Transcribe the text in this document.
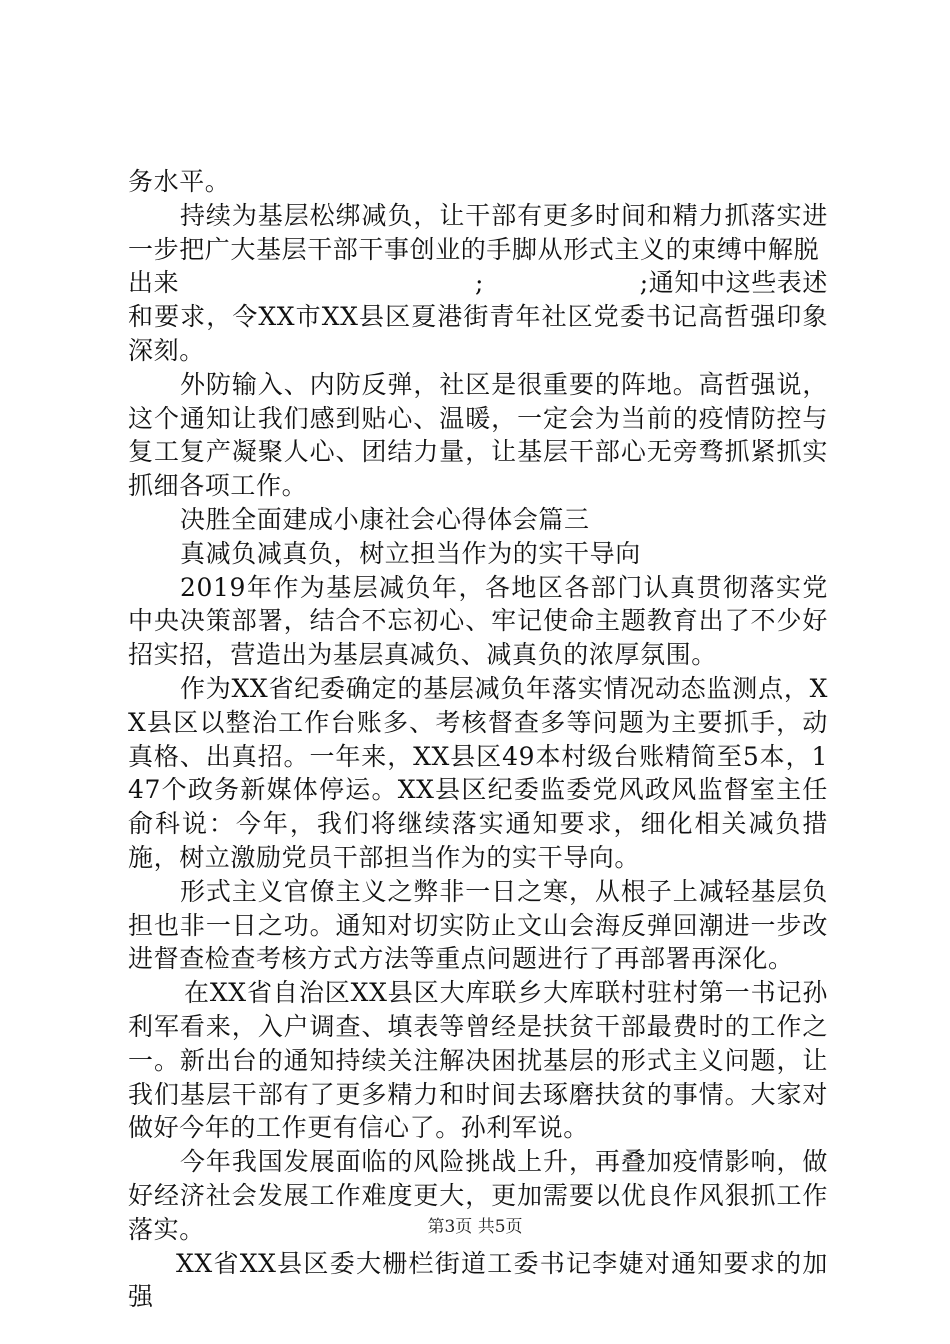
务水平。

持续为基层松绑减负，让干部有更多时间和精力抓落实进一步把广大基层干部干事创业的手脚从形式主义的束缚中解脱

出来	;	;通知中这些表述

和要求，令XX市XX县区夏港街青年社区党委书记高哲强印象深刻。

外防输入、内防反弹，社区是很重要的阵地。高哲强说，这个通知让我们感到贴心、温暖，一定会为当前的疫情防控与复工复产凝聚人心、团结力量，让基层干部心无旁骛抓紧抓实抓细各项工作。

决胜全面建成小康社会心得体会篇三

真减负减真负，树立担当作为的实干导向

2019年作为基层减负年，各地区各部门认真贯彻落实党中央决策部署，结合不忘初心、牢记使命主题教育出了不少好招实招，营造出为基层真减负、减真负的浓厚氛围。

作为XX省纪委确定的基层减负年落实情况动态监测点，XX县区以整治工作台账多、考核督查多等问题为主要抓手，动真格、出真招。一年来，XX县区49本村级台账精简至5本，147个政务新媒体停运。XX县区纪委监委党风政风监督室主任俞科说：今年，我们将继续落实通知要求，细化相关减负措施，树立激励党员干部担当作为的实干导向。

形式主义官僚主义之弊非一日之寒，从根子上减轻基层负担也非一日之功。通知对切实防止文山会海反弹回潮进一步改进督查检查考核方式方法等重点问题进行了再部署再深化。

在XX省自治区XX县区大库联乡大库联村驻村第一书记孙利军看来，入户调查、填表等曾经是扶贫干部最费时的工作之一。新出台的通知持续关注解决困扰基层的形式主义问题，让我们基层干部有了更多精力和时间去琢磨扶贫的事情。大家对做好今年的工作更有信心了。孙利军说。

今年我国发展面临的风险挑战上升，再叠加疫情影响，做好经济社会发展工作难度更大，更加需要以优良作风狠抓工作落实。

XX省XX县区委大栅栏街道工委书记李婕对通知要求的加强

第3页 共5页
